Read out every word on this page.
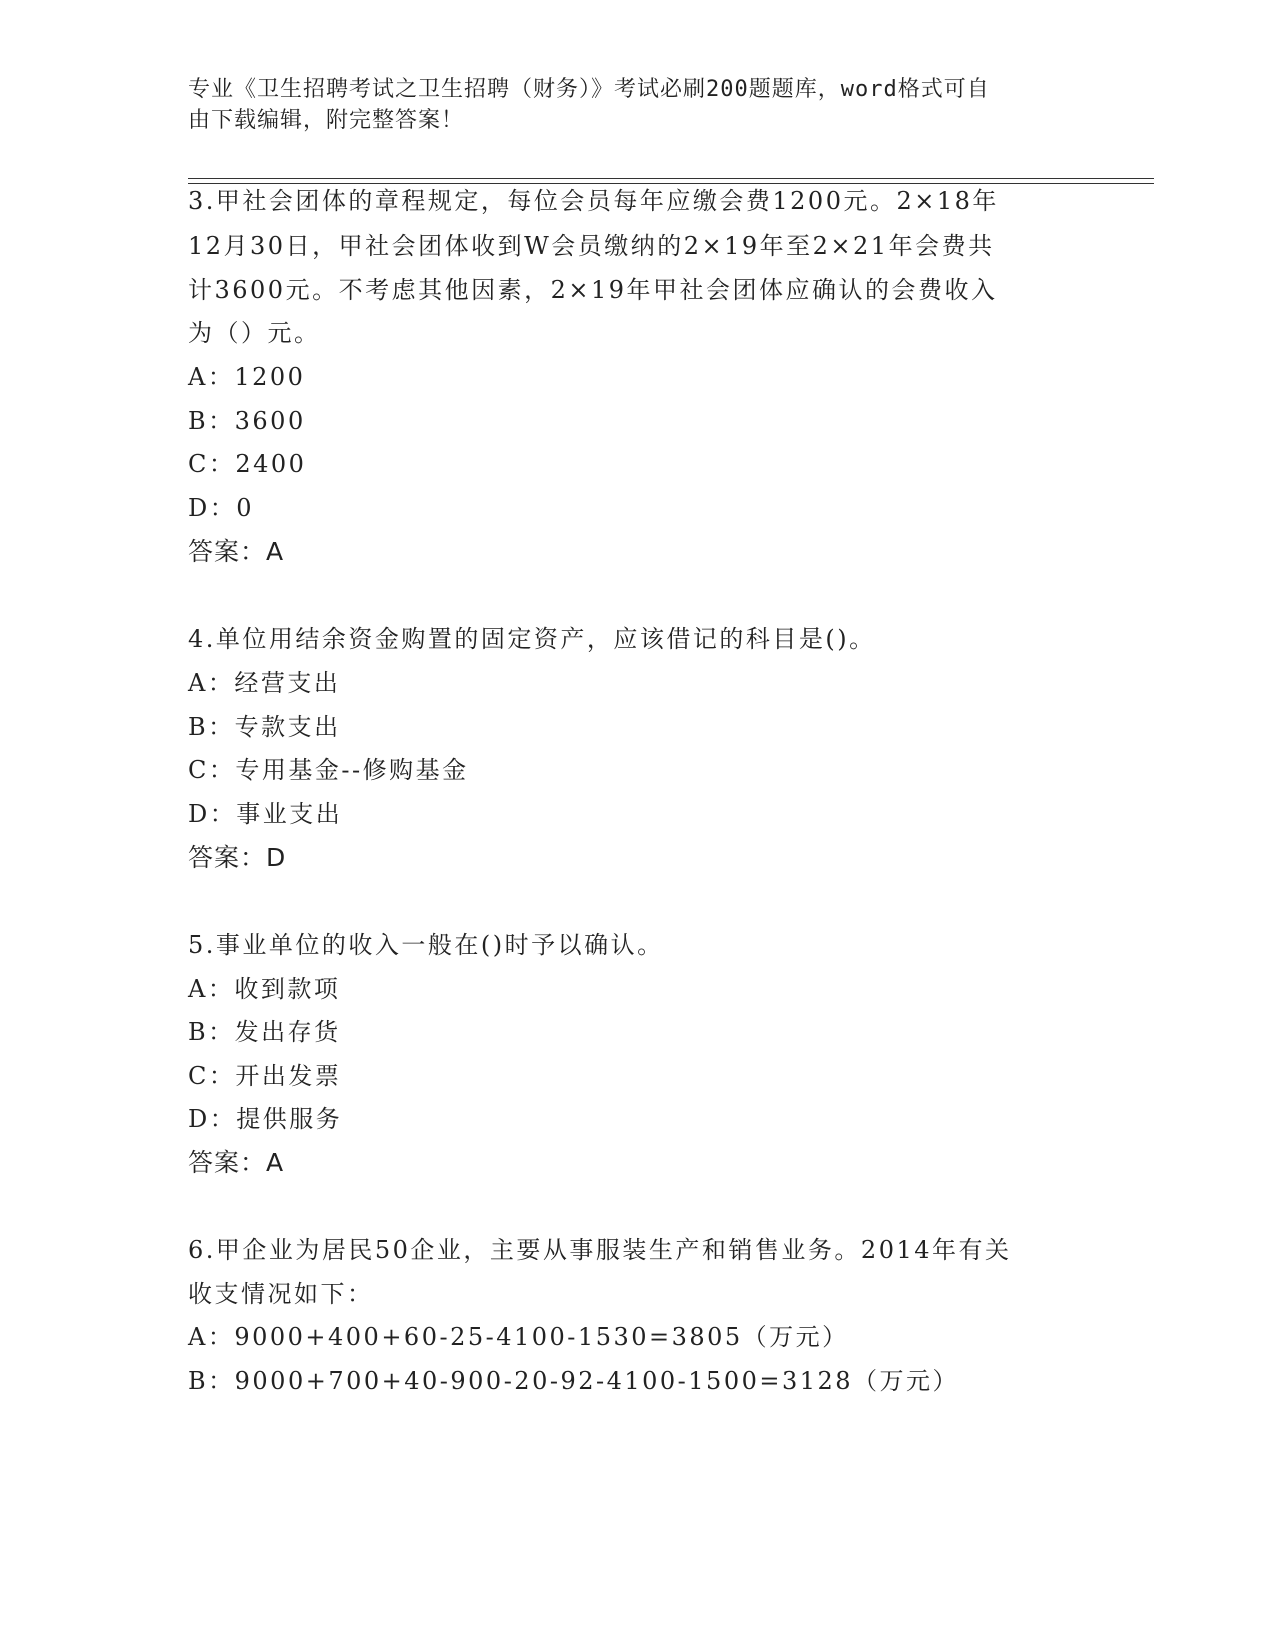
专业《卫生招聘考试之卫生招聘（财务）》考试必刷200题题库，word格式可自
由下载编辑，附完整答案！
3.甲社会团体的章程规定，每位会员每年应缴会费1200元。2×18年
12月30日，甲社会团体收到W会员缴纳的2×19年至2×21年会费共
计3600元。不考虑其他因素，2×19年甲社会团体应确认的会费收入
为（）元。
A：1200
B：3600
C：2400
D：0
答案：A
4.单位用结余资金购置的固定资产，应该借记的科目是()。
A：经营支出
B：专款支出
C：专用基金--修购基金
D：事业支出
答案：D
5.事业单位的收入一般在()时予以确认。
A：收到款项
B：发出存货
C：开出发票
D：提供服务
答案：A
6.甲企业为居民50企业，主要从事服装生产和销售业务。2014年有关
收支情况如下：
A：9000+400+60-25-4100-1530=3805（万元）
B：9000+700+40-900-20-92-4100-1500=3128（万元）
